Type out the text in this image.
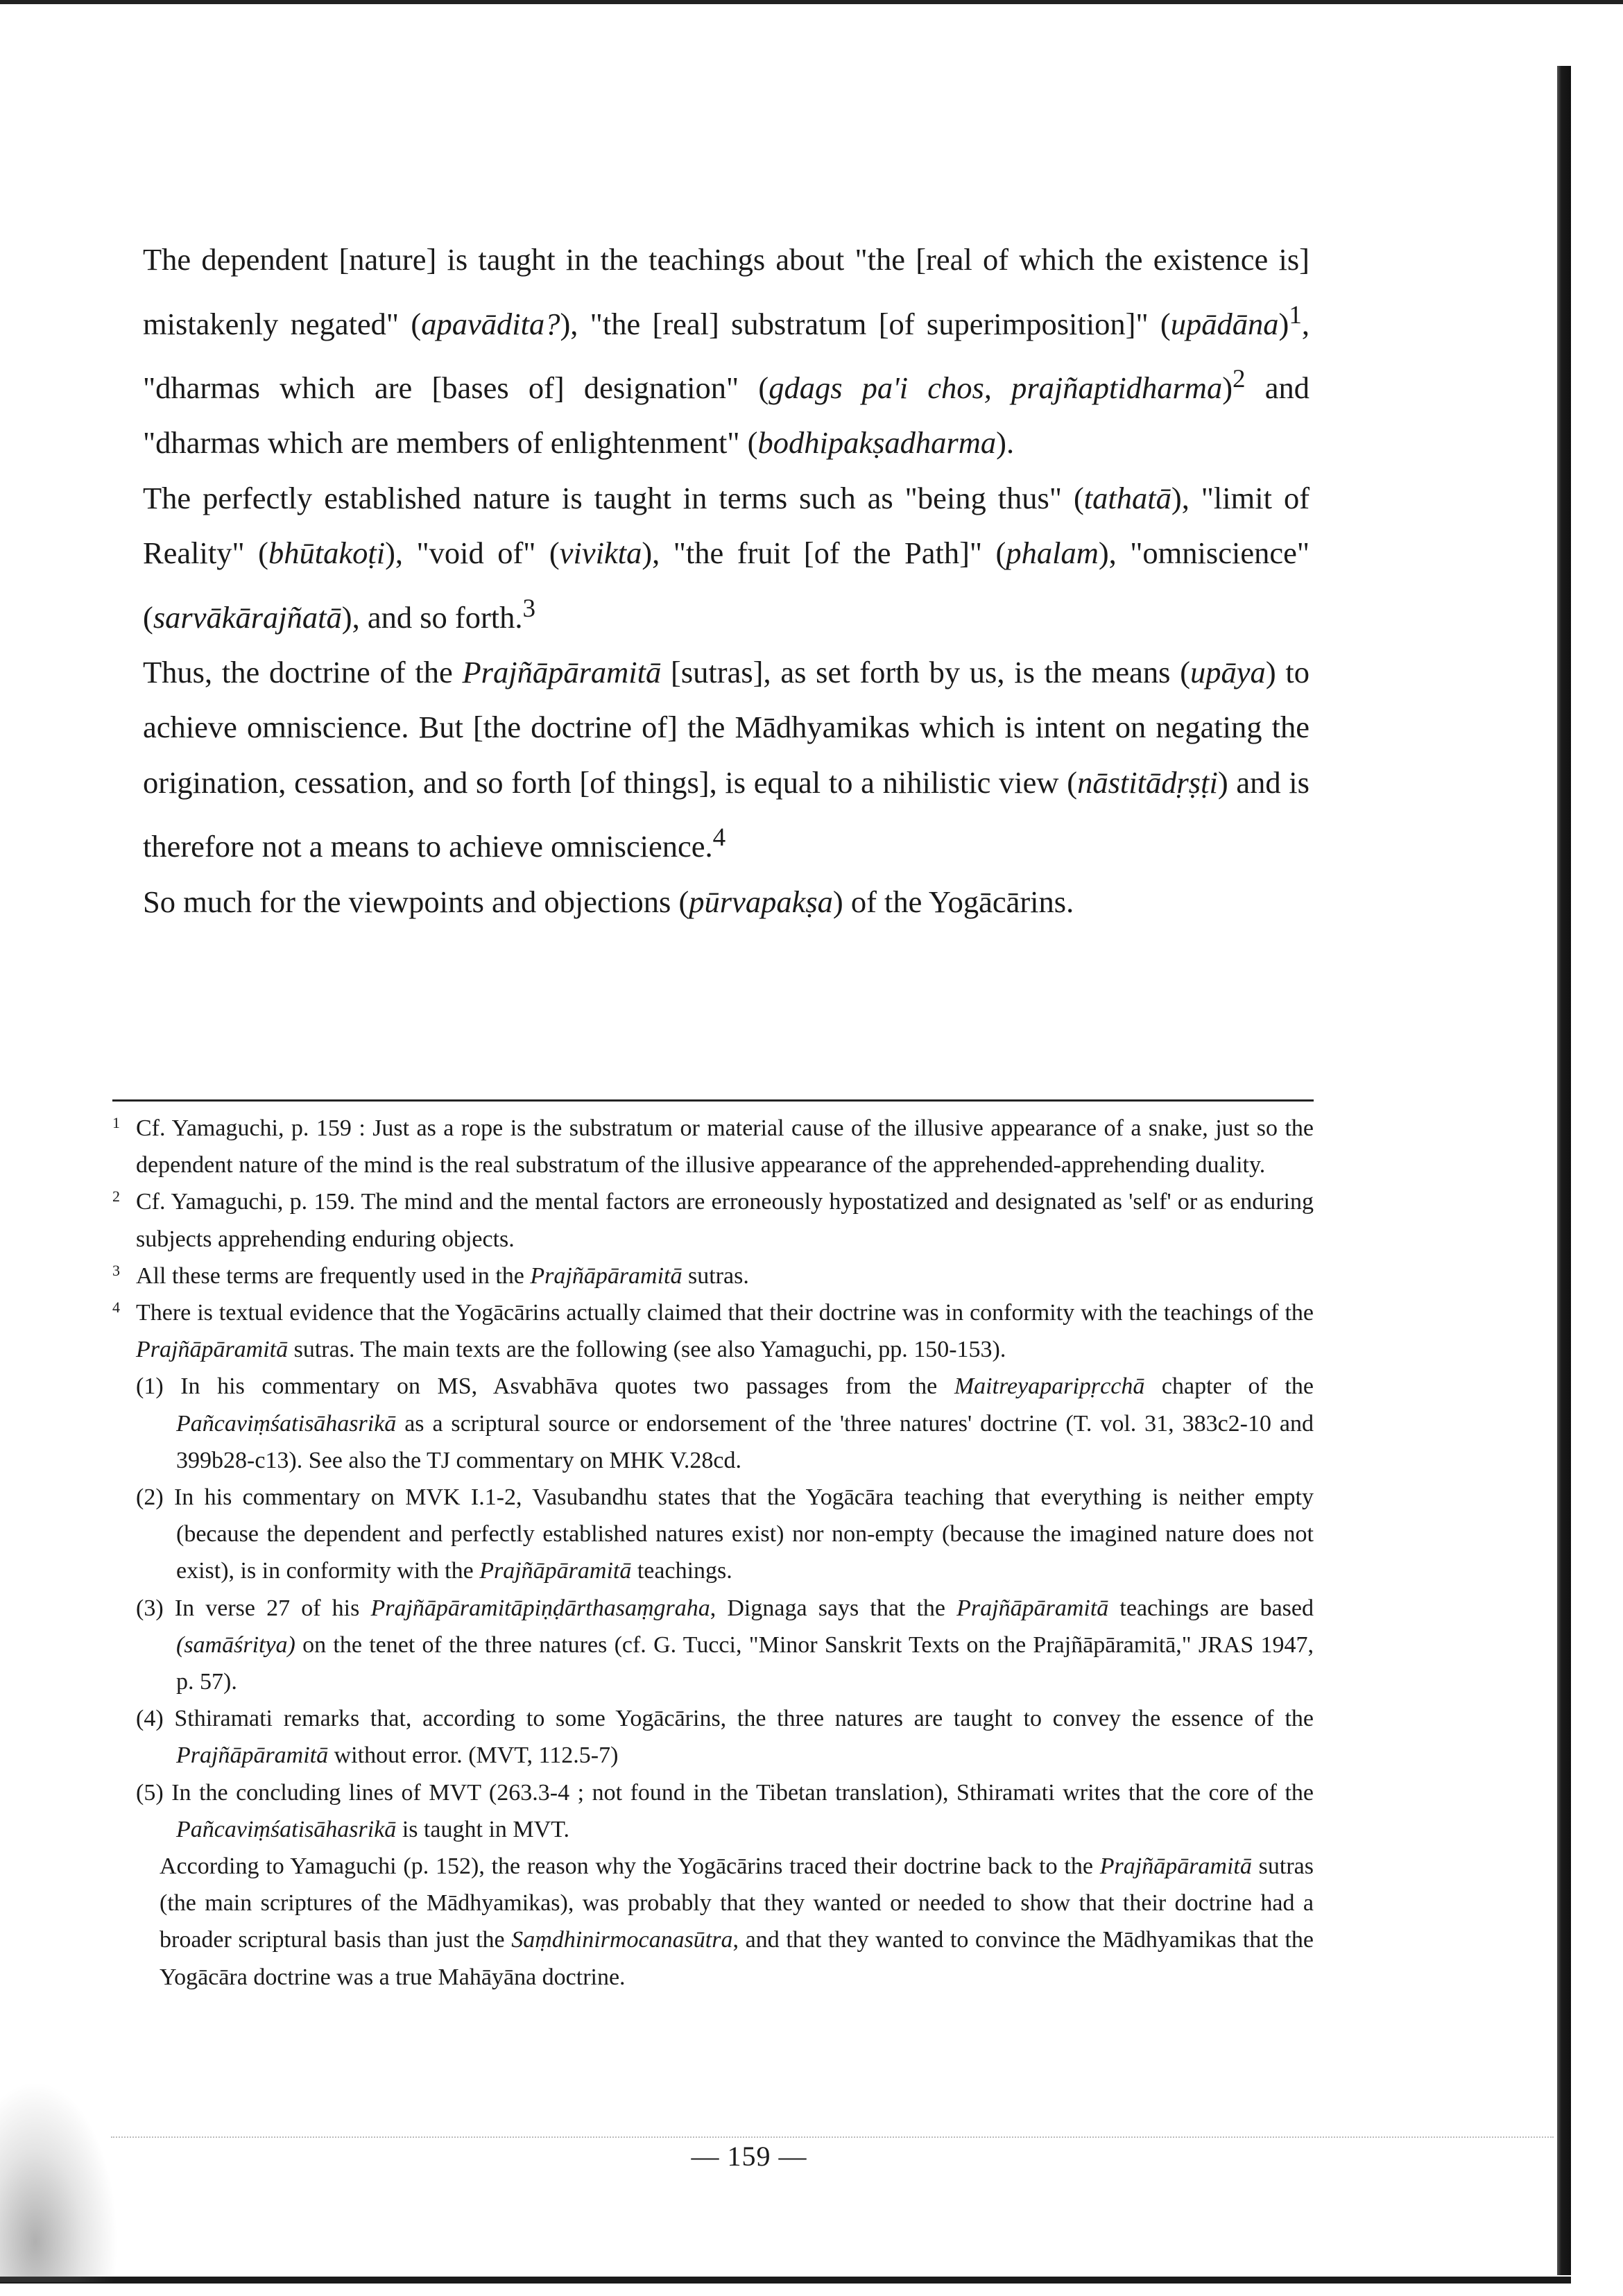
The dependent [nature] is taught in the teachings about "the [real of which the existence is] mistakenly negated" (apavādita?), "the [real] substratum [of superimposition]" (upādāna)$^1$, "dharmas which are [bases of] designation" (gdags pa'i chos, prajñaptidharma)$^2$ and "dharmas which are members of enlightenment" (bodhipakṣadharma).

The perfectly established nature is taught in terms such as "being thus" (tathatā), "limit of Reality" (bhūtakoṭi), "void of" (vivikta), "the fruit [of the Path]" (phalam), "omniscience" (sarvākārajñatā), and so forth.$^3$

Thus, the doctrine of the Prajñāpāramitā [sutras], as set forth by us, is the means (upāya) to achieve omniscience. But [the doctrine of] the Mādhyamikas which is intent on negating the origination, cessation, and so forth [of things], is equal to a nihilistic view (nāstitādṛṣṭi) and is therefore not a means to achieve omniscience.$^4$

So much for the viewpoints and objections (pūrvapakṣa) of the Yogācārins.

1 Cf. Yamaguchi, p. 159 : Just as a rope is the substratum or material cause of the illusive appearance of a snake, just so the dependent nature of the mind is the real substratum of the illusive appearance of the apprehended-apprehending duality.

2 Cf. Yamaguchi, p. 159. The mind and the mental factors are erroneously hypostatized and designated as 'self' or as enduring subjects apprehending enduring objects.

3 All these terms are frequently used in the Prajñāpāramitā sutras.

4 There is textual evidence that the Yogācārins actually claimed that their doctrine was in conformity with the teachings of the Prajñāpāramitā sutras. The main texts are the following (see also Yamaguchi, pp. 150-153).

(1) In his commentary on MS, Asvabhāva quotes two passages from the Maitreyaparipṛcchā chapter of the Pañcaviṃśatisāhasrikā as a scriptural source or endorsement of the 'three natures' doctrine (T. vol. 31, 383c2-10 and 399b28-c13). See also the TJ commentary on MHK V.28cd.

(2) In his commentary on MVK I.1-2, Vasubandhu states that the Yogācāra teaching that everything is neither empty (because the dependent and perfectly established natures exist) nor non-empty (because the imagined nature does not exist), is in conformity with the Prajñāpāramitā teachings.

(3) In verse 27 of his Prajñāpāramitāpiṇḍārthasaṃgraha, Dignaga says that the Prajñāpāramitā teachings are based (samāśritya) on the tenet of the three natures (cf. G. Tucci, "Minor Sanskrit Texts on the Prajñāpāramitā," JRAS 1947, p. 57).

(4) Sthiramati remarks that, according to some Yogācārins, the three natures are taught to convey the essence of the Prajñāpāramitā without error. (MVT, 112.5-7)

(5) In the concluding lines of MVT (263.3-4 ; not found in the Tibetan translation), Sthiramati writes that the core of the Pañcaviṃśatisāhasrikā is taught in MVT.

According to Yamaguchi (p. 152), the reason why the Yogācārins traced their doctrine back to the Prajñāpāramitā sutras (the main scriptures of the Mādhyamikas), was probably that they wanted or needed to show that their doctrine had a broader scriptural basis than just the Saṃdhinirmocanasūtra, and that they wanted to convince the Mādhyamikas that the Yogācāra doctrine was a true Mahāyāna doctrine.

— 159 —
